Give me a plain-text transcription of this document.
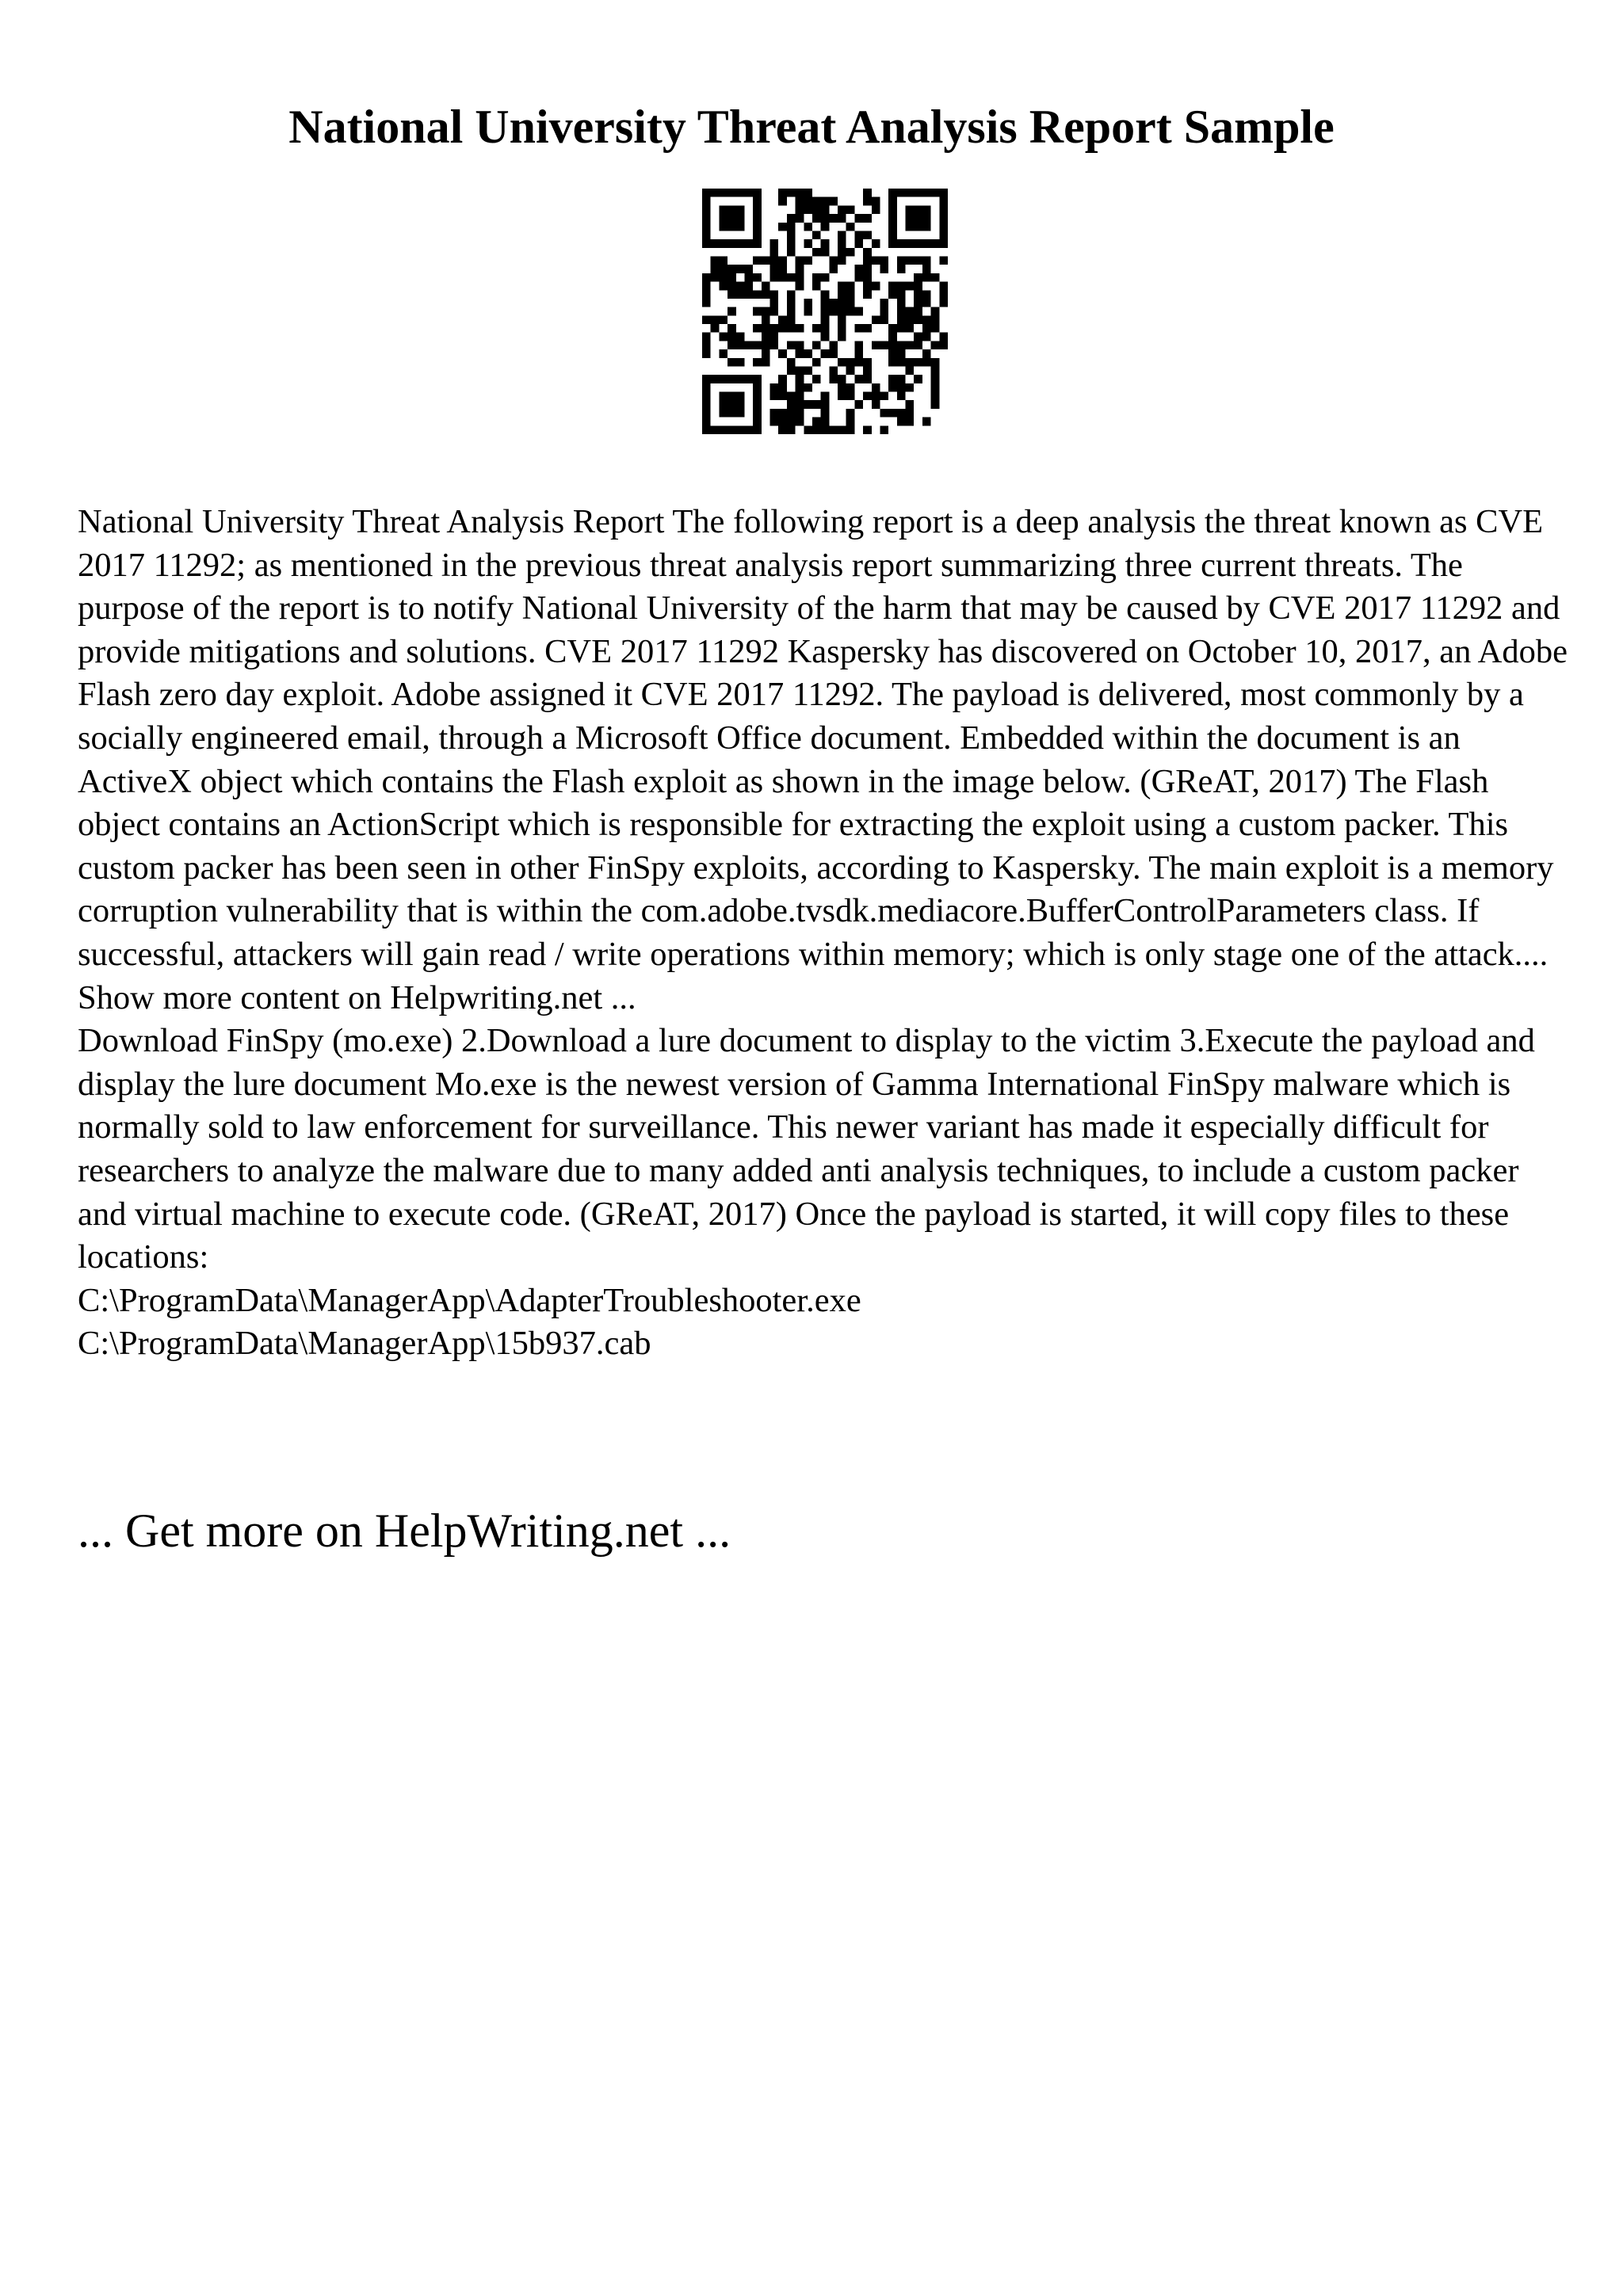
National University Threat Analysis Report Sample

National University Threat Analysis Report The following report is a deep analysis the threat known as CVE 2017 11292; as mentioned in the previous threat analysis report summarizing three current threats. The purpose of the report is to notify National University of the harm that may be caused by CVE 2017 11292 and provide mitigations and solutions. CVE 2017 11292 Kaspersky has discovered on October 10, 2017, an Adobe Flash zero day exploit. Adobe assigned it CVE 2017 11292. The payload is delivered, most commonly by a socially engineered email, through a Microsoft Office document. Embedded within the document is an ActiveX object which contains the Flash exploit as shown in the image below. (GReAT, 2017) The Flash object contains an ActionScript which is responsible for extracting the exploit using a custom packer. This custom packer has been seen in other FinSpy exploits, according to Kaspersky. The main exploit is a memory corruption vulnerability that is within the com.adobe.tvsdk.mediacore.BufferControlParameters class. If successful, attackers will gain read / write operations within memory; which is only stage one of the attack.... Show more content on Helpwriting.net ...

Download FinSpy (mo.exe) 2.Download a lure document to display to the victim 3.Execute the payload and display the lure document Mo.exe is the newest version of Gamma International FinSpy malware which is normally sold to law enforcement for surveillance. This newer variant has made it especially difficult for researchers to analyze the malware due to many added anti analysis techniques, to include a custom packer and virtual machine to execute code. (GReAT, 2017) Once the payload is started, it will copy files to these locations:
C:\ProgramData\ManagerApp\AdapterTroubleshooter.exe
C:\ProgramData\ManagerApp\15b937.cab

... Get more on HelpWriting.net ...
